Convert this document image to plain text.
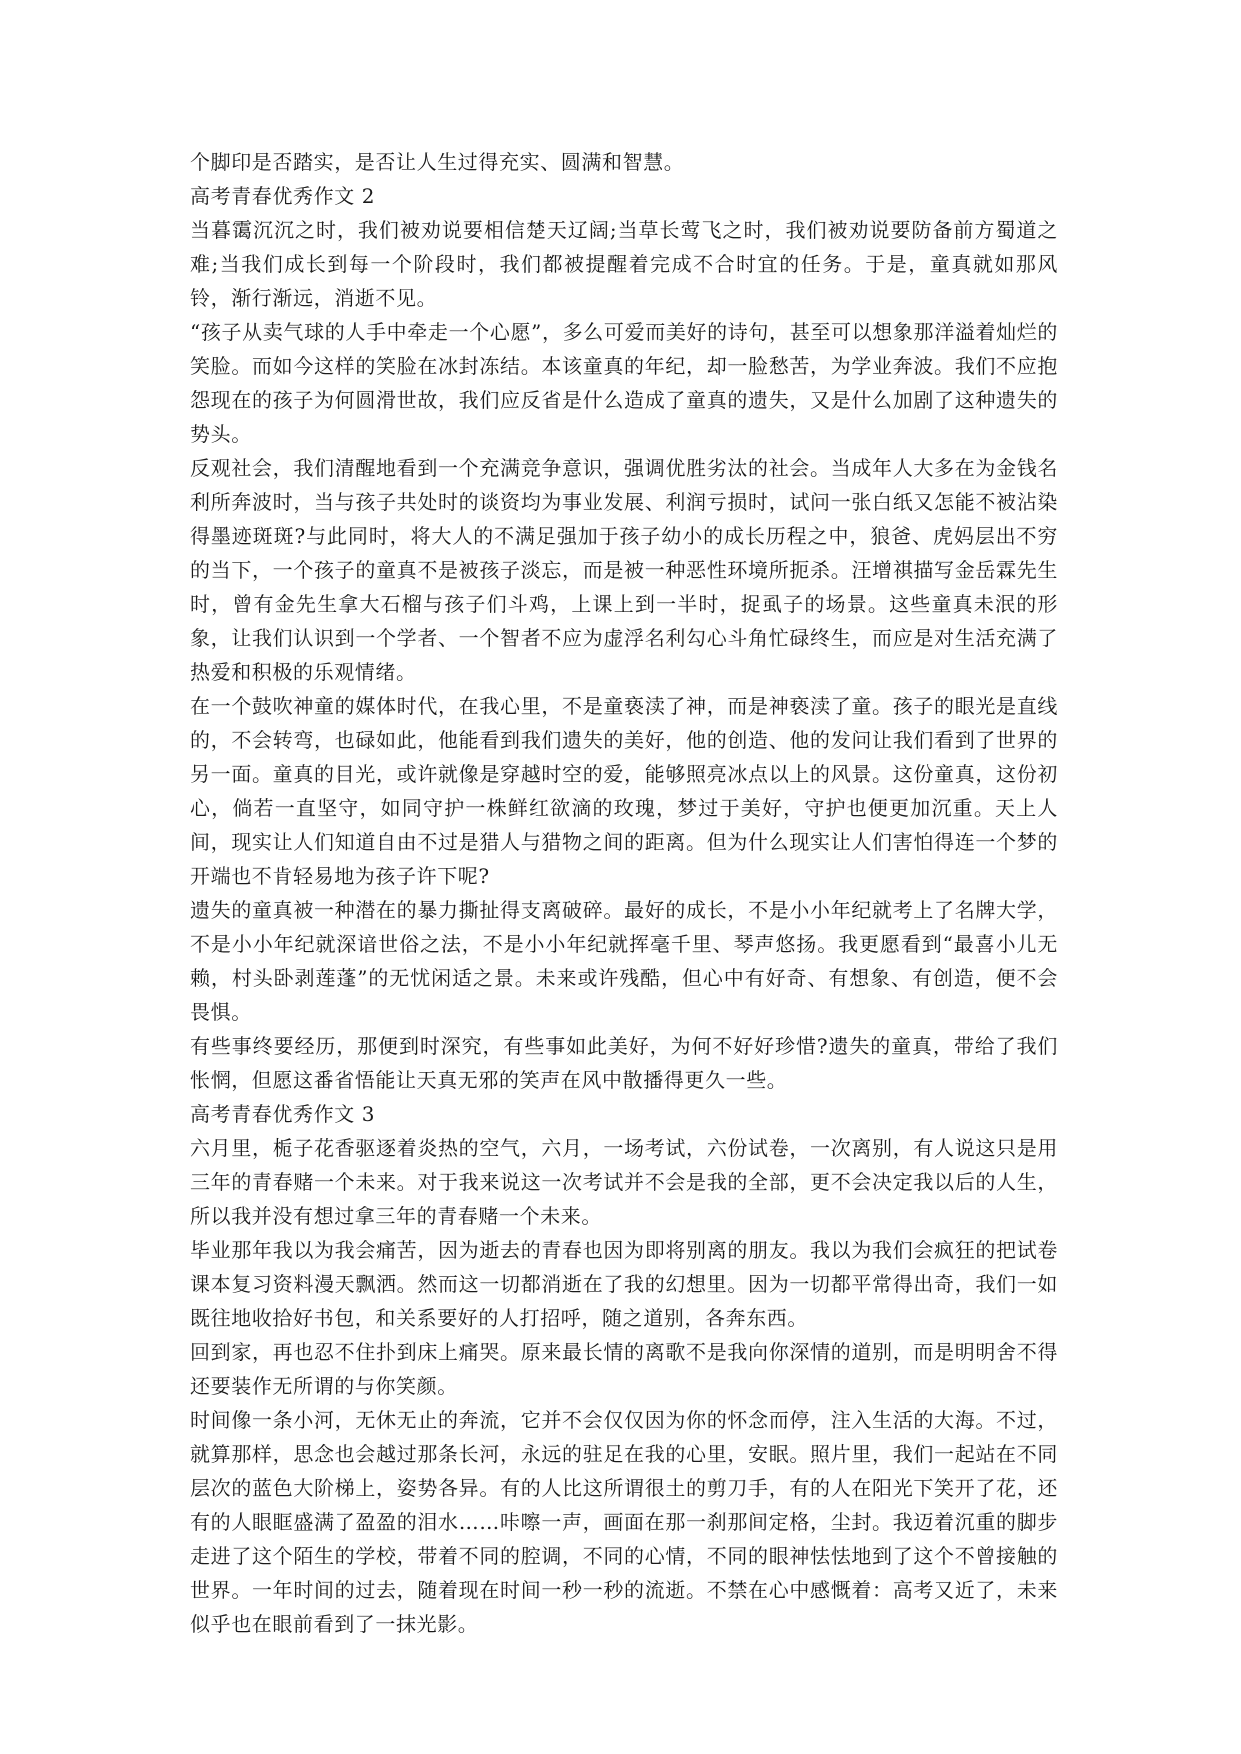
个脚印是否踏实，是否让人生过得充实、圆满和智慧。

高考青春优秀作文 2

当暮霭沉沉之时，我们被劝说要相信楚天辽阔;当草长莺飞之时，我们被劝说要防备前方蜀道之难;当我们成长到每一个阶段时，我们都被提醒着完成不合时宜的任务。于是，童真就如那风铃，渐行渐远，消逝不见。

“孩子从卖气球的人手中牵走一个心愿”，多么可爱而美好的诗句，甚至可以想象那洋溢着灿烂的笑脸。而如今这样的笑脸在冰封冻结。本该童真的年纪，却一脸愁苦，为学业奔波。我们不应抱怨现在的孩子为何圆滑世故，我们应反省是什么造成了童真的遗失，又是什么加剧了这种遗失的势头。

反观社会，我们清醒地看到一个充满竞争意识，强调优胜劣汰的社会。当成年人大多在为金钱名利所奔波时，当与孩子共处时的谈资均为事业发展、利润亏损时，试问一张白纸又怎能不被沾染得墨迹斑斑?与此同时，将大人的不满足强加于孩子幼小的成长历程之中，狼爸、虎妈层出不穷的当下，一个孩子的童真不是被孩子淡忘，而是被一种恶性环境所扼杀。汪增祺描写金岳霖先生时，曾有金先生拿大石榴与孩子们斗鸡，上课上到一半时，捉虱子的场景。这些童真未泯的形象，让我们认识到一个学者、一个智者不应为虚浮名利勾心斗角忙碌终生，而应是对生活充满了热爱和积极的乐观情绪。

在一个鼓吹神童的媒体时代，在我心里，不是童亵渎了神，而是神亵渎了童。孩子的眼光是直线的，不会转弯，也碌如此，他能看到我们遗失的美好，他的创造、他的发问让我们看到了世界的另一面。童真的目光，或许就像是穿越时空的爱，能够照亮冰点以上的风景。这份童真，这份初心，倘若一直坚守，如同守护一株鲜红欲滴的玫瑰，梦过于美好，守护也便更加沉重。天上人间，现实让人们知道自由不过是猎人与猎物之间的距离。但为什么现实让人们害怕得连一个梦的开端也不肯轻易地为孩子许下呢?

遗失的童真被一种潜在的暴力撕扯得支离破碎。最好的成长，不是小小年纪就考上了名牌大学，不是小小年纪就深谙世俗之法，不是小小年纪就挥毫千里、琴声悠扬。我更愿看到“最喜小儿无赖，村头卧剥莲蓬”的无忧闲适之景。未来或许残酷，但心中有好奇、有想象、有创造，便不会畏惧。

有些事终要经历，那便到时深究，有些事如此美好，为何不好好珍惜?遗失的童真，带给了我们怅惘，但愿这番省悟能让天真无邪的笑声在风中散播得更久一些。

高考青春优秀作文 3

六月里，栀子花香驱逐着炎热的空气，六月，一场考试，六份试卷，一次离别，有人说这只是用三年的青春赌一个未来。对于我来说这一次考试并不会是我的全部，更不会决定我以后的人生，所以我并没有想过拿三年的青春赌一个未来。

毕业那年我以为我会痛苦，因为逝去的青春也因为即将别离的朋友。我以为我们会疯狂的把试卷课本复习资料漫天飘洒。然而这一切都消逝在了我的幻想里。因为一切都平常得出奇，我们一如既往地收拾好书包，和关系要好的人打招呼，随之道别，各奔东西。

回到家，再也忍不住扑到床上痛哭。原来最长情的离歌不是我向你深情的道别，而是明明舍不得还要装作无所谓的与你笑颜。

时间像一条小河，无休无止的奔流，它并不会仅仅因为你的怀念而停，注入生活的大海。不过，就算那样，思念也会越过那条长河，永远的驻足在我的心里，安眠。照片里，我们一起站在不同层次的蓝色大阶梯上，姿势各异。有的人比这所谓很土的剪刀手，有的人在阳光下笑开了花，还有的人眼眶盛满了盈盈的泪水……咔嚓一声，画面在那一刹那间定格，尘封。我迈着沉重的脚步走进了这个陌生的学校，带着不同的腔调，不同的心情，不同的眼神怯怯地到了这个不曾接触的世界。一年时间的过去，随着现在时间一秒一秒的流逝。不禁在心中感慨着：高考又近了，未来似乎也在眼前看到了一抹光影。
